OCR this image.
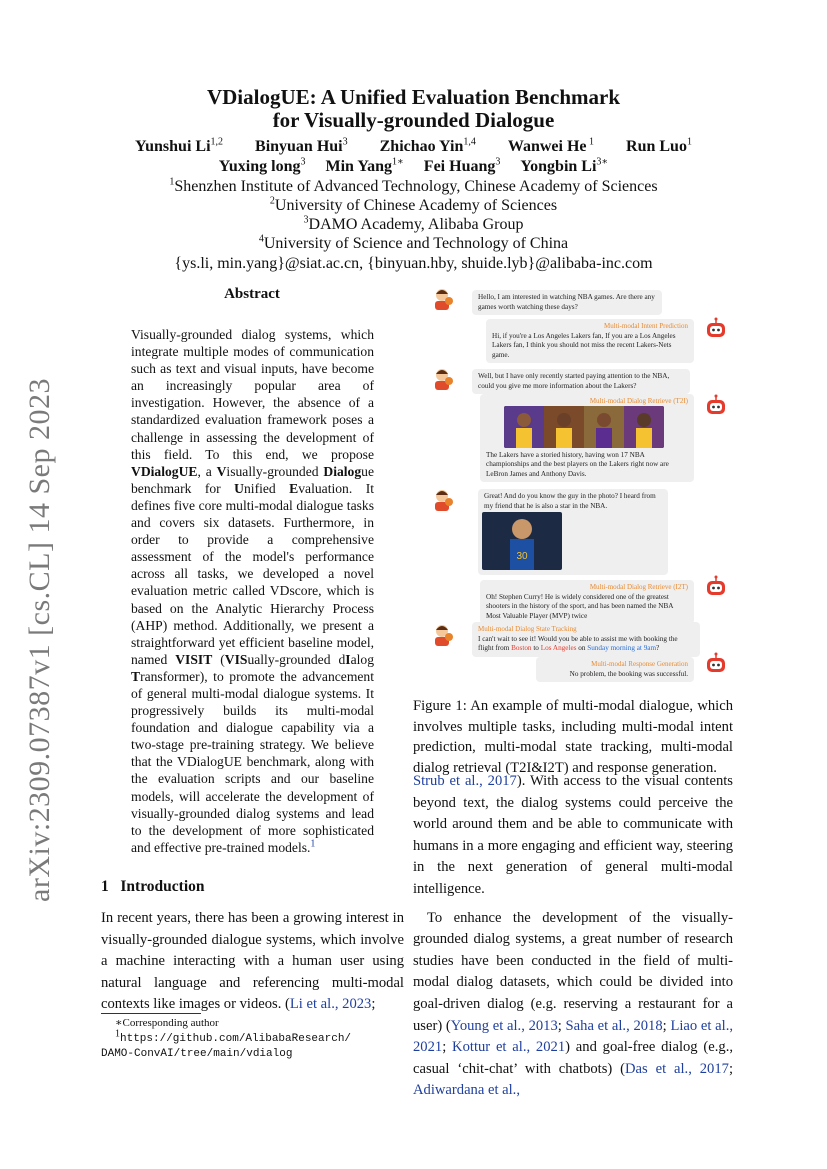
arXiv:2309.07387v1 [cs.CL] 14 Sep 2023
VDialogUE: A Unified Evaluation Benchmark
for Visually-grounded Dialogue
Yunshui Li$^{1,2}$ Binyuan Hui$^3$ Zhichao Yin$^{1,4}$ Wanwei He $^1$ Run Luo$^1$
Yuxing long$^3$ Min Yang$^{1∗}$ Fei Huang$^3$ Yongbin $Li^{3∗}$
$^1$Shenzhen Institute of Advanced Technology, Chinese Academy of Sciences
$^2$University of Chinese Academy of Sciences
$^3$DAMO Academy, Alibaba Group
$^4$University of Science and Technology of China
{ys.li, min.yang}@siat.ac.cn, {binyuan.hby, shuide.lyb}@alibaba-inc.com
Abstract
Visually-grounded dialog systems, which integrate multiple modes of communication such as text and visual inputs, have become an increasingly popular area of investigation. However, the absence of a standardized evaluation framework poses a challenge in assessing the development of this field. To this end, we propose VDialogUE, a Visually-grounded Dialogue benchmark for Unified Evaluation. It defines five core multi-modal dialogue tasks and covers six datasets. Furthermore, in order to provide a comprehensive assessment of the model's performance across all tasks, we developed a novel evaluation metric called VDscore, which is based on the Analytic Hierarchy Process (AHP) method. Additionally, we present a straightforward yet efficient baseline model, named VISIT (VISually-grounded dIalog Transformer), to promote the advancement of general multi-modal dialogue systems. It progressively builds its multi-modal foundation and dialogue capability via a two-stage pre-training strategy. We believe that the VDialogUE benchmark, along with the evaluation scripts and our baseline models, will accelerate the development of visually-grounded dialog systems and lead to the development of more sophisticated and effective pre-trained models.$^1$
1 Introduction
In recent years, there has been a growing interest in visually-grounded dialogue systems, which involve a machine interacting with a human user using natural language and referencing multi-modal contexts like images or videos. (Li et al., 2023;
∗Corresponding author
$^1$https://github.com/AlibabaResearch/
DAMO-ConvAI/tree/main/vdialog
Hello, I am interested in watching NBA games. Are there any games worth watching these days?
Multi-modal Intent Prediction
Hi, if you're a Los Angeles Lakers fan, If you are a Los Angeles Lakers fan, I think you should not miss the recent Lakers-Nets game.
Well, but I have only recently started paying attention to the NBA, could you give me more information about the Lakers?
Multi-modal Dialog Retrieve (T2I)
The Lakers have a storied history, having won 17 NBA championships and the best players on the Lakers right now are LeBron James and Anthony Davis.
Great! And do you know the guy in the photo? I heard from my friend that he is also a star in the NBA.
30
Multi-modal Dialog Retrieve (I2T)
Oh! Stephen Curry! He is widely considered one of the greatest shooters in the history of the sport, and has been named the NBA Most Valuable Player (MVP) twice
Multi-modal Dialog State Tracking
I can't wait to see it! Would you be able to assist me with booking the flight from Boston to Los Angeles on Sunday morning at 9am?
Multi-modal Response Generation
No problem, the booking was successful.
Figure 1: An example of multi-modal dialogue, which involves multiple tasks, including multi-modal intent prediction, multi-modal state tracking, multi-modal dialog retrieval (T2I&I2T) and response generation.

Strub et al., 2017). With access to the visual contents beyond text, the dialog systems could perceive the world around them and be able to communicate with humans in a more engaging and efficient way, steering in the next generation of general multi-modal intelligence.

To enhance the development of the visually-grounded dialog systems, a great number of research studies have been conducted in the field of multi-modal dialog datasets, which could be divided into goal-driven dialog (e.g. reserving a restaurant for a user) (Young et al., 2013; Saha et al., 2018; Liao et al., 2021; Kottur et al., 2021) and goal-free dialog (e.g., casual ‘chit-chat’ with chatbots) (Das et al., 2017; Adiwardana et al.,
